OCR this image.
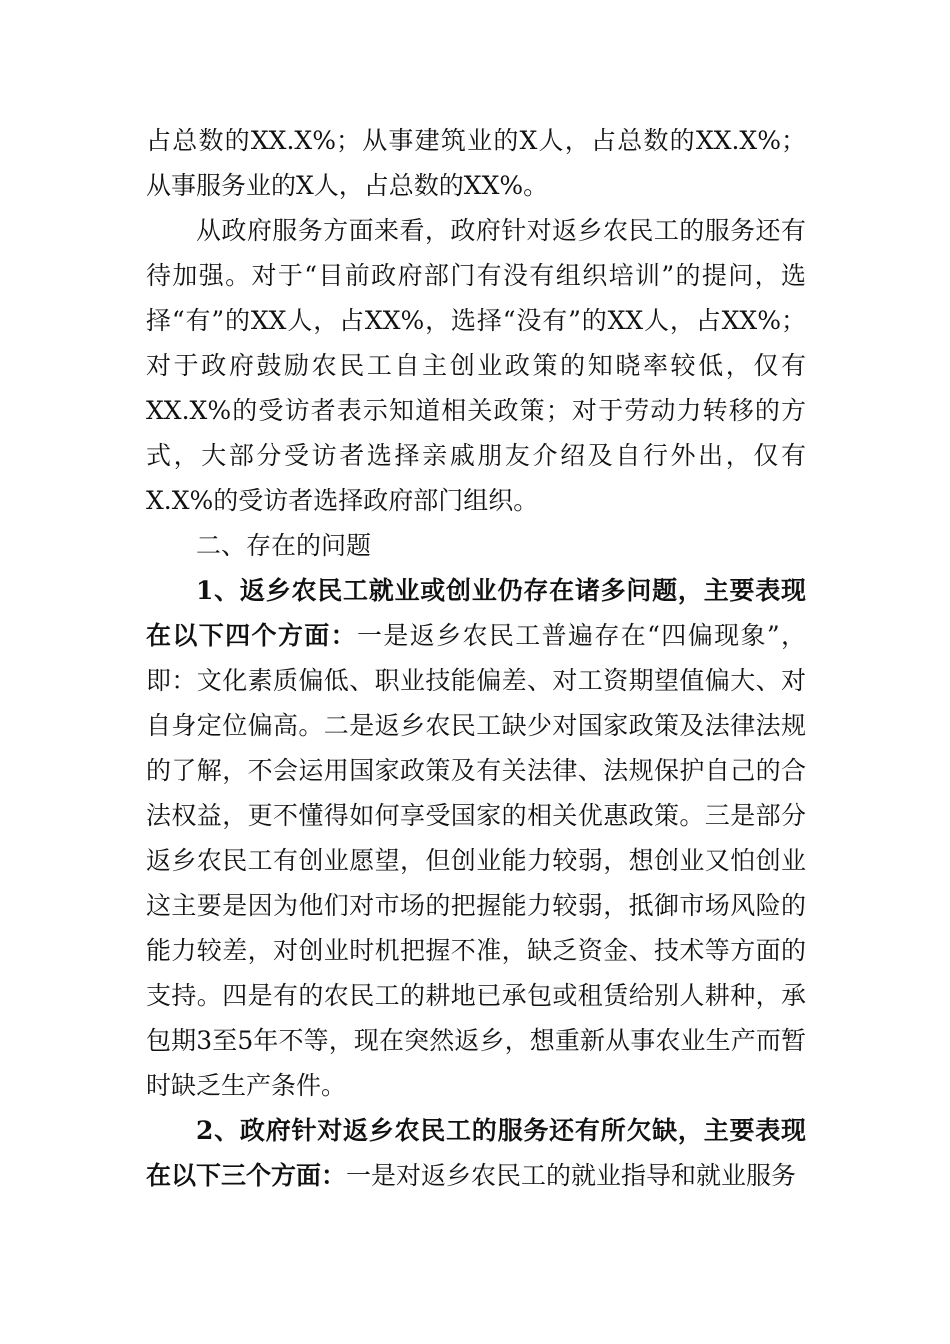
占总数的XX.X%；从事建筑业的X人，占总数的XX.X%；从事服务业的X人，占总数的XX%。

从政府服务方面来看，政府针对返乡农民工的服务还有待加强。对于“目前政府部门有没有组织培训”的提问，选择“有”的XX人，占XX%，选择“没有”的XX人，占XX%；对于政府鼓励农民工自主创业政策的知晓率较低，仅有XX.X%的受访者表示知道相关政策；对于劳动力转移的方式，大部分受访者选择亲戚朋友介绍及自行外出，仅有X.X%的受访者选择政府部门组织。

二、存在的问题

1、返乡农民工就业或创业仍存在诸多问题，主要表现在以下四个方面：一是返乡农民工普遍存在“四偏现象”，即：文化素质偏低、职业技能偏差、对工资期望值偏大、对自身定位偏高。二是返乡农民工缺少对国家政策及法律法规的了解，不会运用国家政策及有关法律、法规保护自己的合法权益，更不懂得如何享受国家的相关优惠政策。三是部分返乡农民工有创业愿望，但创业能力较弱，想创业又怕创业这主要是因为他们对市场的把握能力较弱，抵御市场风险的能力较差，对创业时机把握不准，缺乏资金、技术等方面的支持。四是有的农民工的耕地已承包或租赁给别人耕种，承包期3至5年不等，现在突然返乡，想重新从事农业生产而暂时缺乏生产条件。

2、政府针对返乡农民工的服务还有所欠缺，主要表现在以下三个方面：一是对返乡农民工的就业指导和就业服务
